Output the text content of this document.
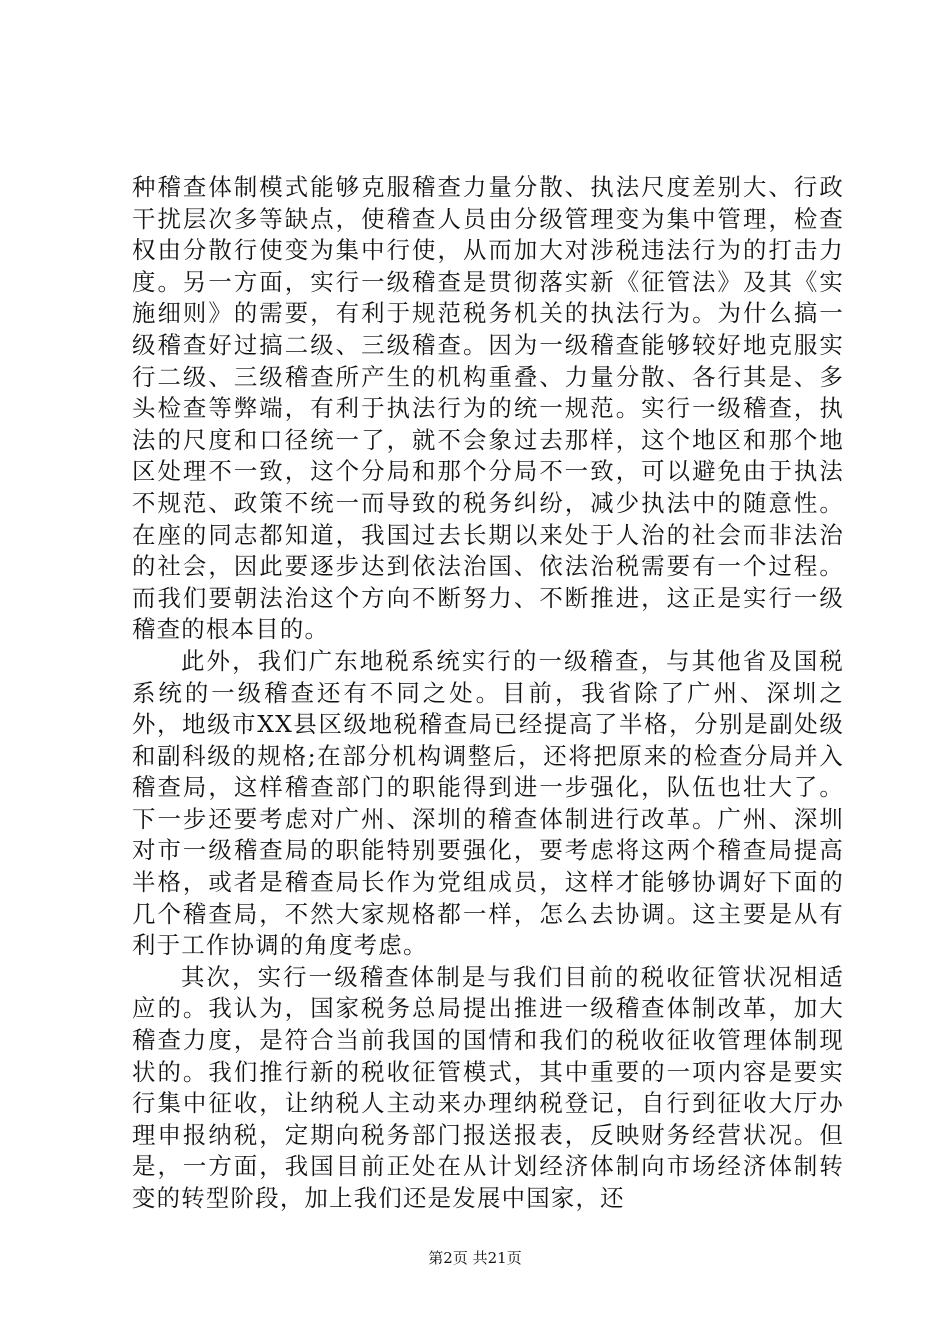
种稽查体制模式能够克服稽查力量分散、执法尺度差别大、行政干扰层次多等缺点，使稽查人员由分级管理变为集中管理，检查权由分散行使变为集中行使，从而加大对涉税违法行为的打击力度。另一方面，实行一级稽查是贯彻落实新《征管法》及其《实施细则》的需要，有利于规范税务机关的执法行为。为什么搞一级稽查好过搞二级、三级稽查。因为一级稽查能够较好地克服实行二级、三级稽查所产生的机构重叠、力量分散、各行其是、多头检查等弊端，有利于执法行为的统一规范。实行一级稽查，执法的尺度和口径统一了，就不会象过去那样，这个地区和那个地区处理不一致，这个分局和那个分局不一致，可以避免由于执法不规范、政策不统一而导致的税务纠纷，减少执法中的随意性。在座的同志都知道，我国过去长期以来处于人治的社会而非法治的社会，因此要逐步达到依法治国、依法治税需要有一个过程。而我们要朝法治这个方向不断努力、不断推进，这正是实行一级稽查的根本目的。

此外，我们广东地税系统实行的一级稽查，与其他省及国税系统的一级稽查还有不同之处。目前，我省除了广州、深圳之外，地级市XX县区级地税稽查局已经提高了半格，分别是副处级和副科级的规格;在部分机构调整后，还将把原来的检查分局并入稽查局，这样稽查部门的职能得到进一步强化，队伍也壮大了。下一步还要考虑对广州、深圳的稽查体制进行改革。广州、深圳对市一级稽查局的职能特别要强化，要考虑将这两个稽查局提高半格，或者是稽查局长作为党组成员，这样才能够协调好下面的几个稽查局，不然大家规格都一样，怎么去协调。这主要是从有利于工作协调的角度考虑。

其次，实行一级稽查体制是与我们目前的税收征管状况相适应的。我认为，国家税务总局提出推进一级稽查体制改革，加大稽查力度，是符合当前我国的国情和我们的税收征收管理体制现状的。我们推行新的税收征管模式，其中重要的一项内容是要实行集中征收，让纳税人主动来办理纳税登记，自行到征收大厅办理申报纳税，定期向税务部门报送报表，反映财务经营状况。但是，一方面，我国目前正处在从计划经济体制向市场经济体制转变的转型阶段，加上我们还是发展中国家，还

第2页 共21页
